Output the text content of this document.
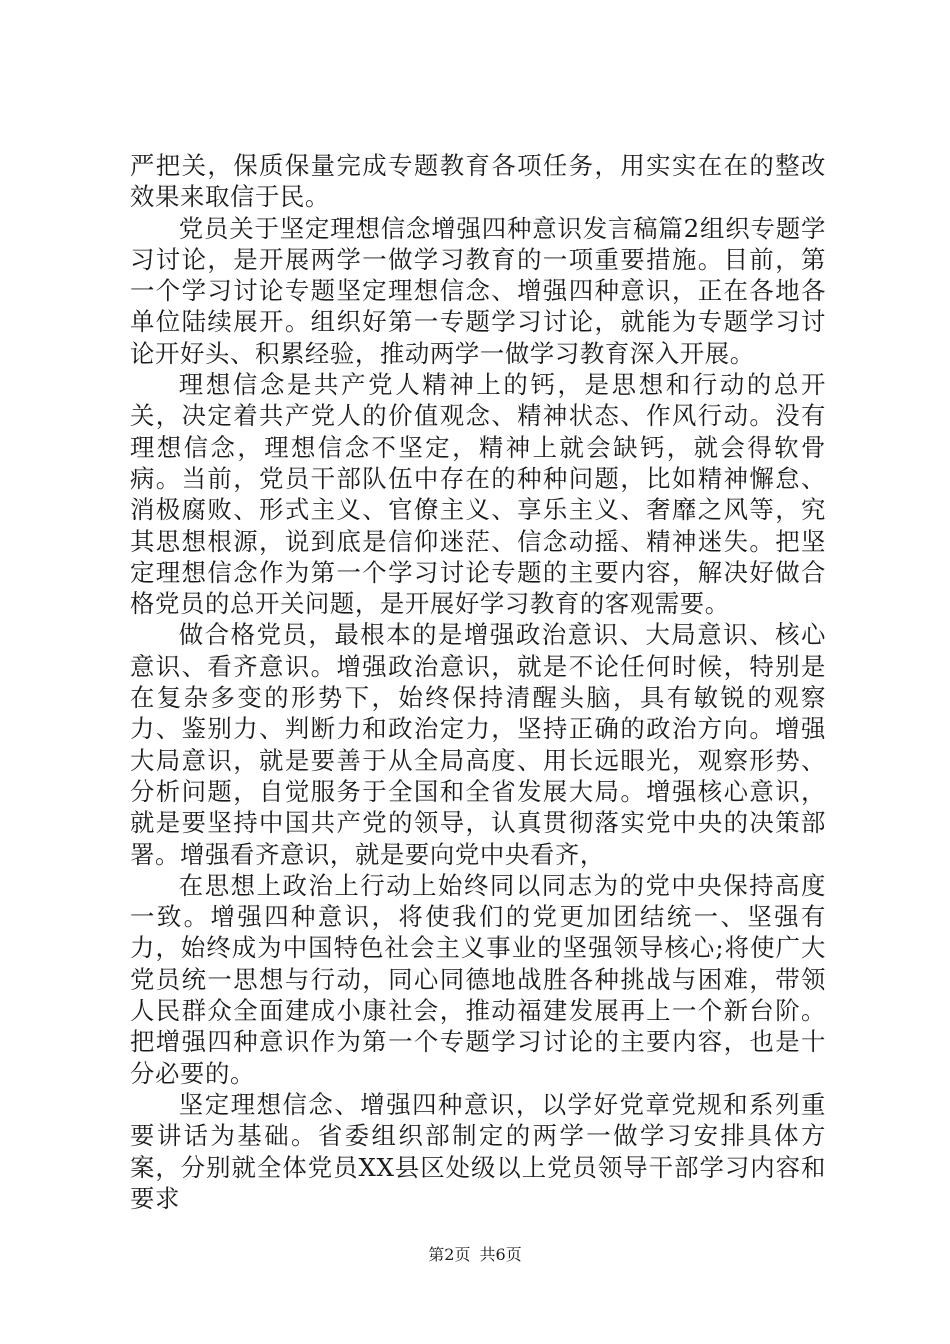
严把关，保质保量完成专题教育各项任务，用实实在在的整改效果来取信于民。

党员关于坚定理想信念增强四种意识发言稿篇2组织专题学习讨论，是开展两学一做学习教育的一项重要措施。目前，第一个学习讨论专题坚定理想信念、增强四种意识，正在各地各单位陆续展开。组织好第一专题学习讨论，就能为专题学习讨论开好头、积累经验，推动两学一做学习教育深入开展。

理想信念是共产党人精神上的钙，是思想和行动的总开关，决定着共产党人的价值观念、精神状态、作风行动。没有理想信念，理想信念不坚定，精神上就会缺钙，就会得软骨病。当前，党员干部队伍中存在的种种问题，比如精神懈怠、消极腐败、形式主义、官僚主义、享乐主义、奢靡之风等，究其思想根源，说到底是信仰迷茫、信念动摇、精神迷失。把坚定理想信念作为第一个学习讨论专题的主要内容，解决好做合格党员的总开关问题，是开展好学习教育的客观需要。

做合格党员，最根本的是增强政治意识、大局意识、核心意识、看齐意识。增强政治意识，就是不论任何时候，特别是在复杂多变的形势下，始终保持清醒头脑，具有敏锐的观察力、鉴别力、判断力和政治定力，坚持正确的政治方向。增强大局意识，就是要善于从全局高度、用长远眼光，观察形势、分析问题，自觉服务于全国和全省发展大局。增强核心意识，就是要坚持中国共产党的领导，认真贯彻落实党中央的决策部署。增强看齐意识，就是要向党中央看齐，

在思想上政治上行动上始终同以同志为的党中央保持高度一致。增强四种意识，将使我们的党更加团结统一、坚强有力，始终成为中国特色社会主义事业的坚强领导核心;将使广大党员统一思想与行动，同心同德地战胜各种挑战与困难，带领人民群众全面建成小康社会，推动福建发展再上一个新台阶。把增强四种意识作为第一个专题学习讨论的主要内容，也是十分必要的。

坚定理想信念、增强四种意识，以学好党章党规和系列重要讲话为基础。省委组织部制定的两学一做学习安排具体方案，分别就全体党员XX县区处级以上党员领导干部学习内容和要求

第2页 共6页
